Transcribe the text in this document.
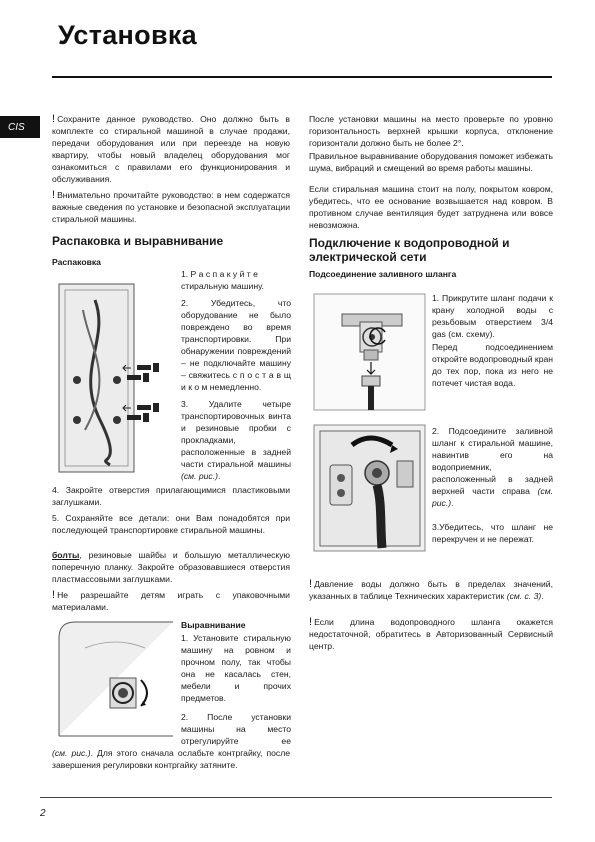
Установка
CIS
! Сохраните данное руководство. Оно должно быть в комплекте со стиральной машиной в случае продажи, передачи оборудования или при переезде на новую квартиру, чтобы новый владелец оборудования мог ознакомиться с правилами его функционирования и обслуживания.
! Внимательно прочитайте руководство: в нем содержатся важные сведения по установке и безопасной эксплуатации стиральной машины.
Распаковка и выравнивание
Распаковка

1. Р а с п а к у й т е стиральную машину.

2. Убедитесь, что оборудование не было повреждено во время транспортировки. При обнаружении повреждений – не подключайте машину – свяжитесь с п о с т а в щ и к о м немедленно.

3. Удалите четыре транспортировочных винта и резиновые пробки с прокладками, расположенные в задней части стиральной машины (см. рис.).

4. Закройте отверстия прилагающимися пластиковыми заглушками.
5. Сохраняйте все детали: они Вам понадобятся при последующей транспортировке стиральной машины.
болты, резиновые шайбы и большую металлическую поперечную планку. Закройте образовавшиеся отверстия пластмассовыми заглушками.
! Не разрешайте детям играть с упаковочными материалами.
Выравнивание
1. Установите стиральную машину на ровном и прочном полу, так чтобы она не касалась стен, мебели и прочих предметов.
2. После установки машины на место отрегулируйте ее
(см. рис.). Для этого сначала ослабьте контргайку, после завершения регулировки контргайку затяните.
После установки машины на место проверьте по уровню горизонтальность верхней крышки корпуса, отклонение горизонтали должно быть не более 2°.
Правильное выравнивание оборудования поможет избежать шума, вибраций и смещений во время работы машины.
Если стиральная машина стоит на полу, покрытом ковром, убедитесь, что ее основание возвышается над ковром. В противном случае вентиляция будет затруднена или вовсе невозможна.
Подключение к водопроводной и электрической сети
Подсоединение заливного шланга

1. Прикрутите шланг подачи к крану холодной воды с резьбовым отверстием 3/4 gas (см. схему).

Перед подсоединением откройте водопроводный кран до тех пор, пока из него не потечет чистая вода.

2. Подсоедините заливной шланг к стиральной машине, навинтив его на водоприемник, расположенный в задней верхней части справа (см. рис.).
3.Убедитесь, что шланг не перекручен и не пережат.
! Давление воды должно быть в пределах значений, указанных в таблице Технических характеристик (см. с. 3).
! Если длина водопроводного шланга окажется недостаточной, обратитесь в Авторизованный Сервисный центр.
2
